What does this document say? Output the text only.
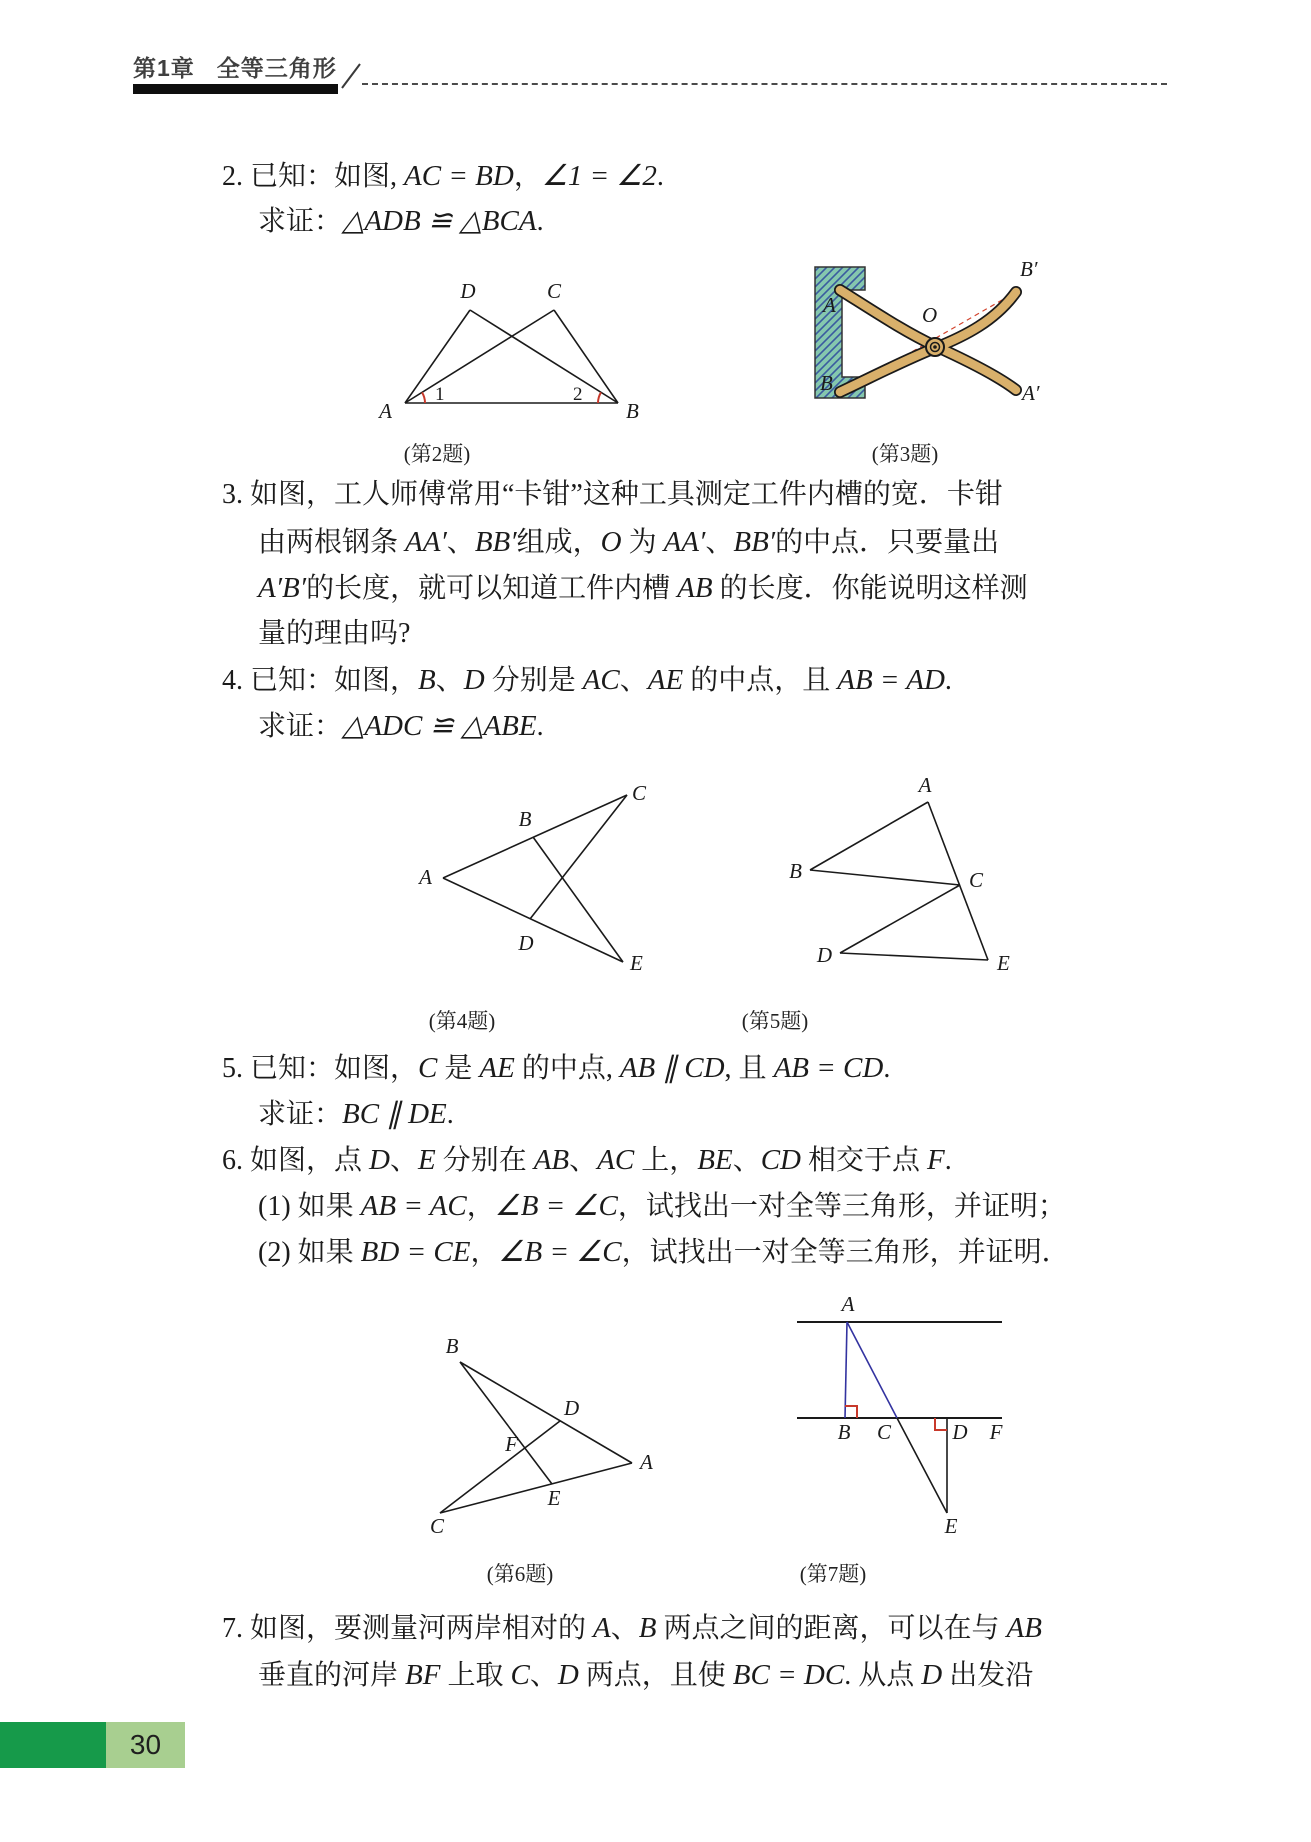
第1章 全等三角形
2. 已知：如图, AC = BD，∠1 = ∠2.
求证：△ADB ≌ △BCA.
A	B
C
D
1	2
A
B
O
B′
A′
(第2题)	(第3题)
3. 如图，工人师傅常用“卡钳”这种工具测定工件内槽的宽．卡钳
由两根钢条 AA′、BB′组成，O 为 AA′、BB′的中点．只要量出
A′B′的长度，就可以知道工件内槽 AB 的长度．你能说明这样测
量的理由吗?
4. 已知：如图，B、D 分别是 AC、AE 的中点，且 AB = AD.
求证：△ADC ≌ △ABE.
A
B
C
D
E
A
B	C
D	E
(第4题)	(第5题)
5. 已知：如图，C 是 AE 的中点, AB ∥ CD, 且 AB = CD.
求证：BC ∥ DE.
6. 如图，点 D、E 分别在 AB、AC 上，BE、CD 相交于点 F.
(1) 如果 AB = AC，∠B = ∠C，试找出一对全等三角形，并证明；
(2) 如果 BD = CE，∠B = ∠C，试找出一对全等三角形，并证明．
B
A
C
D
F
E
A
B C	D F
E
(第6题)	(第7题)
7. 如图，要测量河两岸相对的 A、B 两点之间的距离，可以在与 AB
垂直的河岸 BF 上取 C、D 两点，且使 BC = DC. 从点 D 出发沿
30
